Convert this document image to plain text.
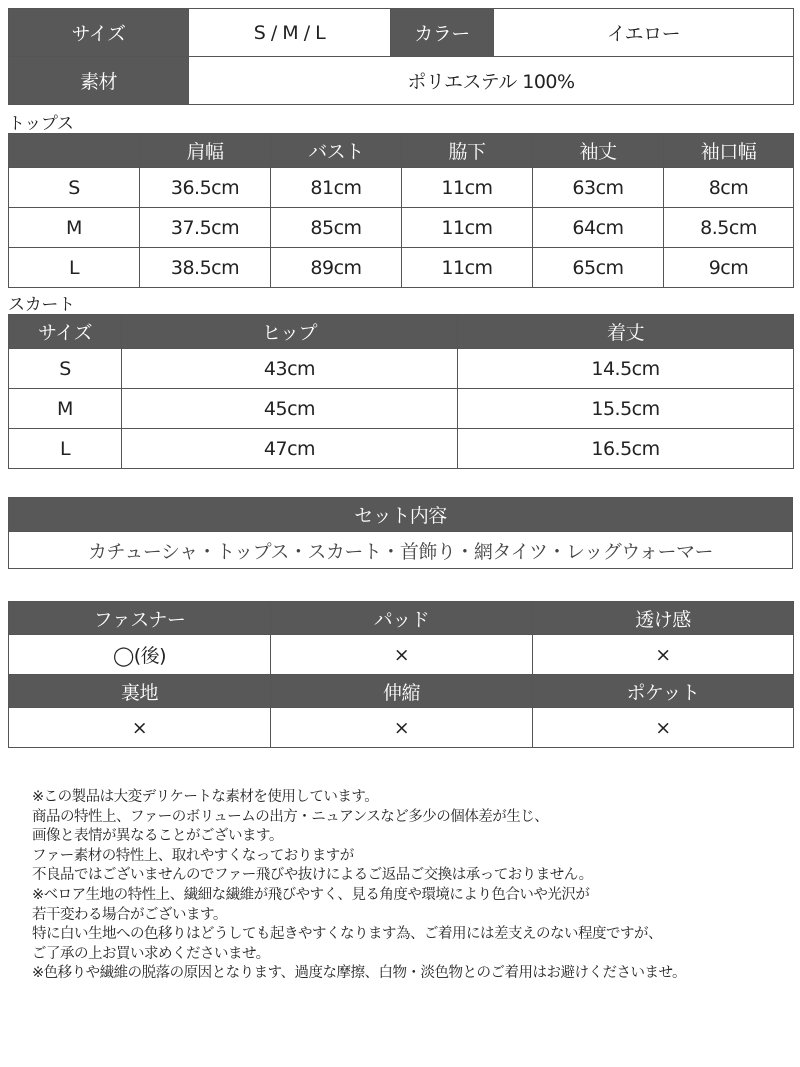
サイズ	S / M / L	カラー	イエロー
素材	ポリエステル 100%		
トップス
	肩幅	バスト	脇下	袖丈	袖口幅
S	36.5cm	81cm	11cm	63cm	8cm
M	37.5cm	85cm	11cm	64cm	8.5cm
L	38.5cm	89cm	11cm	65cm	9cm
スカート
サイズ	ヒップ	着丈
S	43cm	14.5cm
M	45cm	15.5cm
L	47cm	16.5cm
セット内容
カチューシャ・トップス・スカート・首飾り・網タイツ・レッグウォーマー
ファスナー	パッド	透け感
◯(後)	×	×
裏地	伸縮	ポケット
×	×	×
※この製品は大変デリケートな素材を使用しています。
商品の特性上、ファーのボリュームの出方・ニュアンスなど多少の個体差が生じ、
画像と表情が異なることがございます。
ファー素材の特性上、取れやすくなっておりますが
不良品ではございませんのでファー飛びや抜けによるご返品ご交換は承っておりません。
※ベロア生地の特性上、繊細な繊維が飛びやすく、見る角度や環境により色合いや光沢が
若干変わる場合がございます。
特に白い生地への色移りはどうしても起きやすくなります為、ご着用には差支えのない程度ですが、
ご了承の上お買い求めくださいませ。
※色移りや繊維の脱落の原因となります、過度な摩擦、白物・淡色物とのご着用はお避けくださいませ。
